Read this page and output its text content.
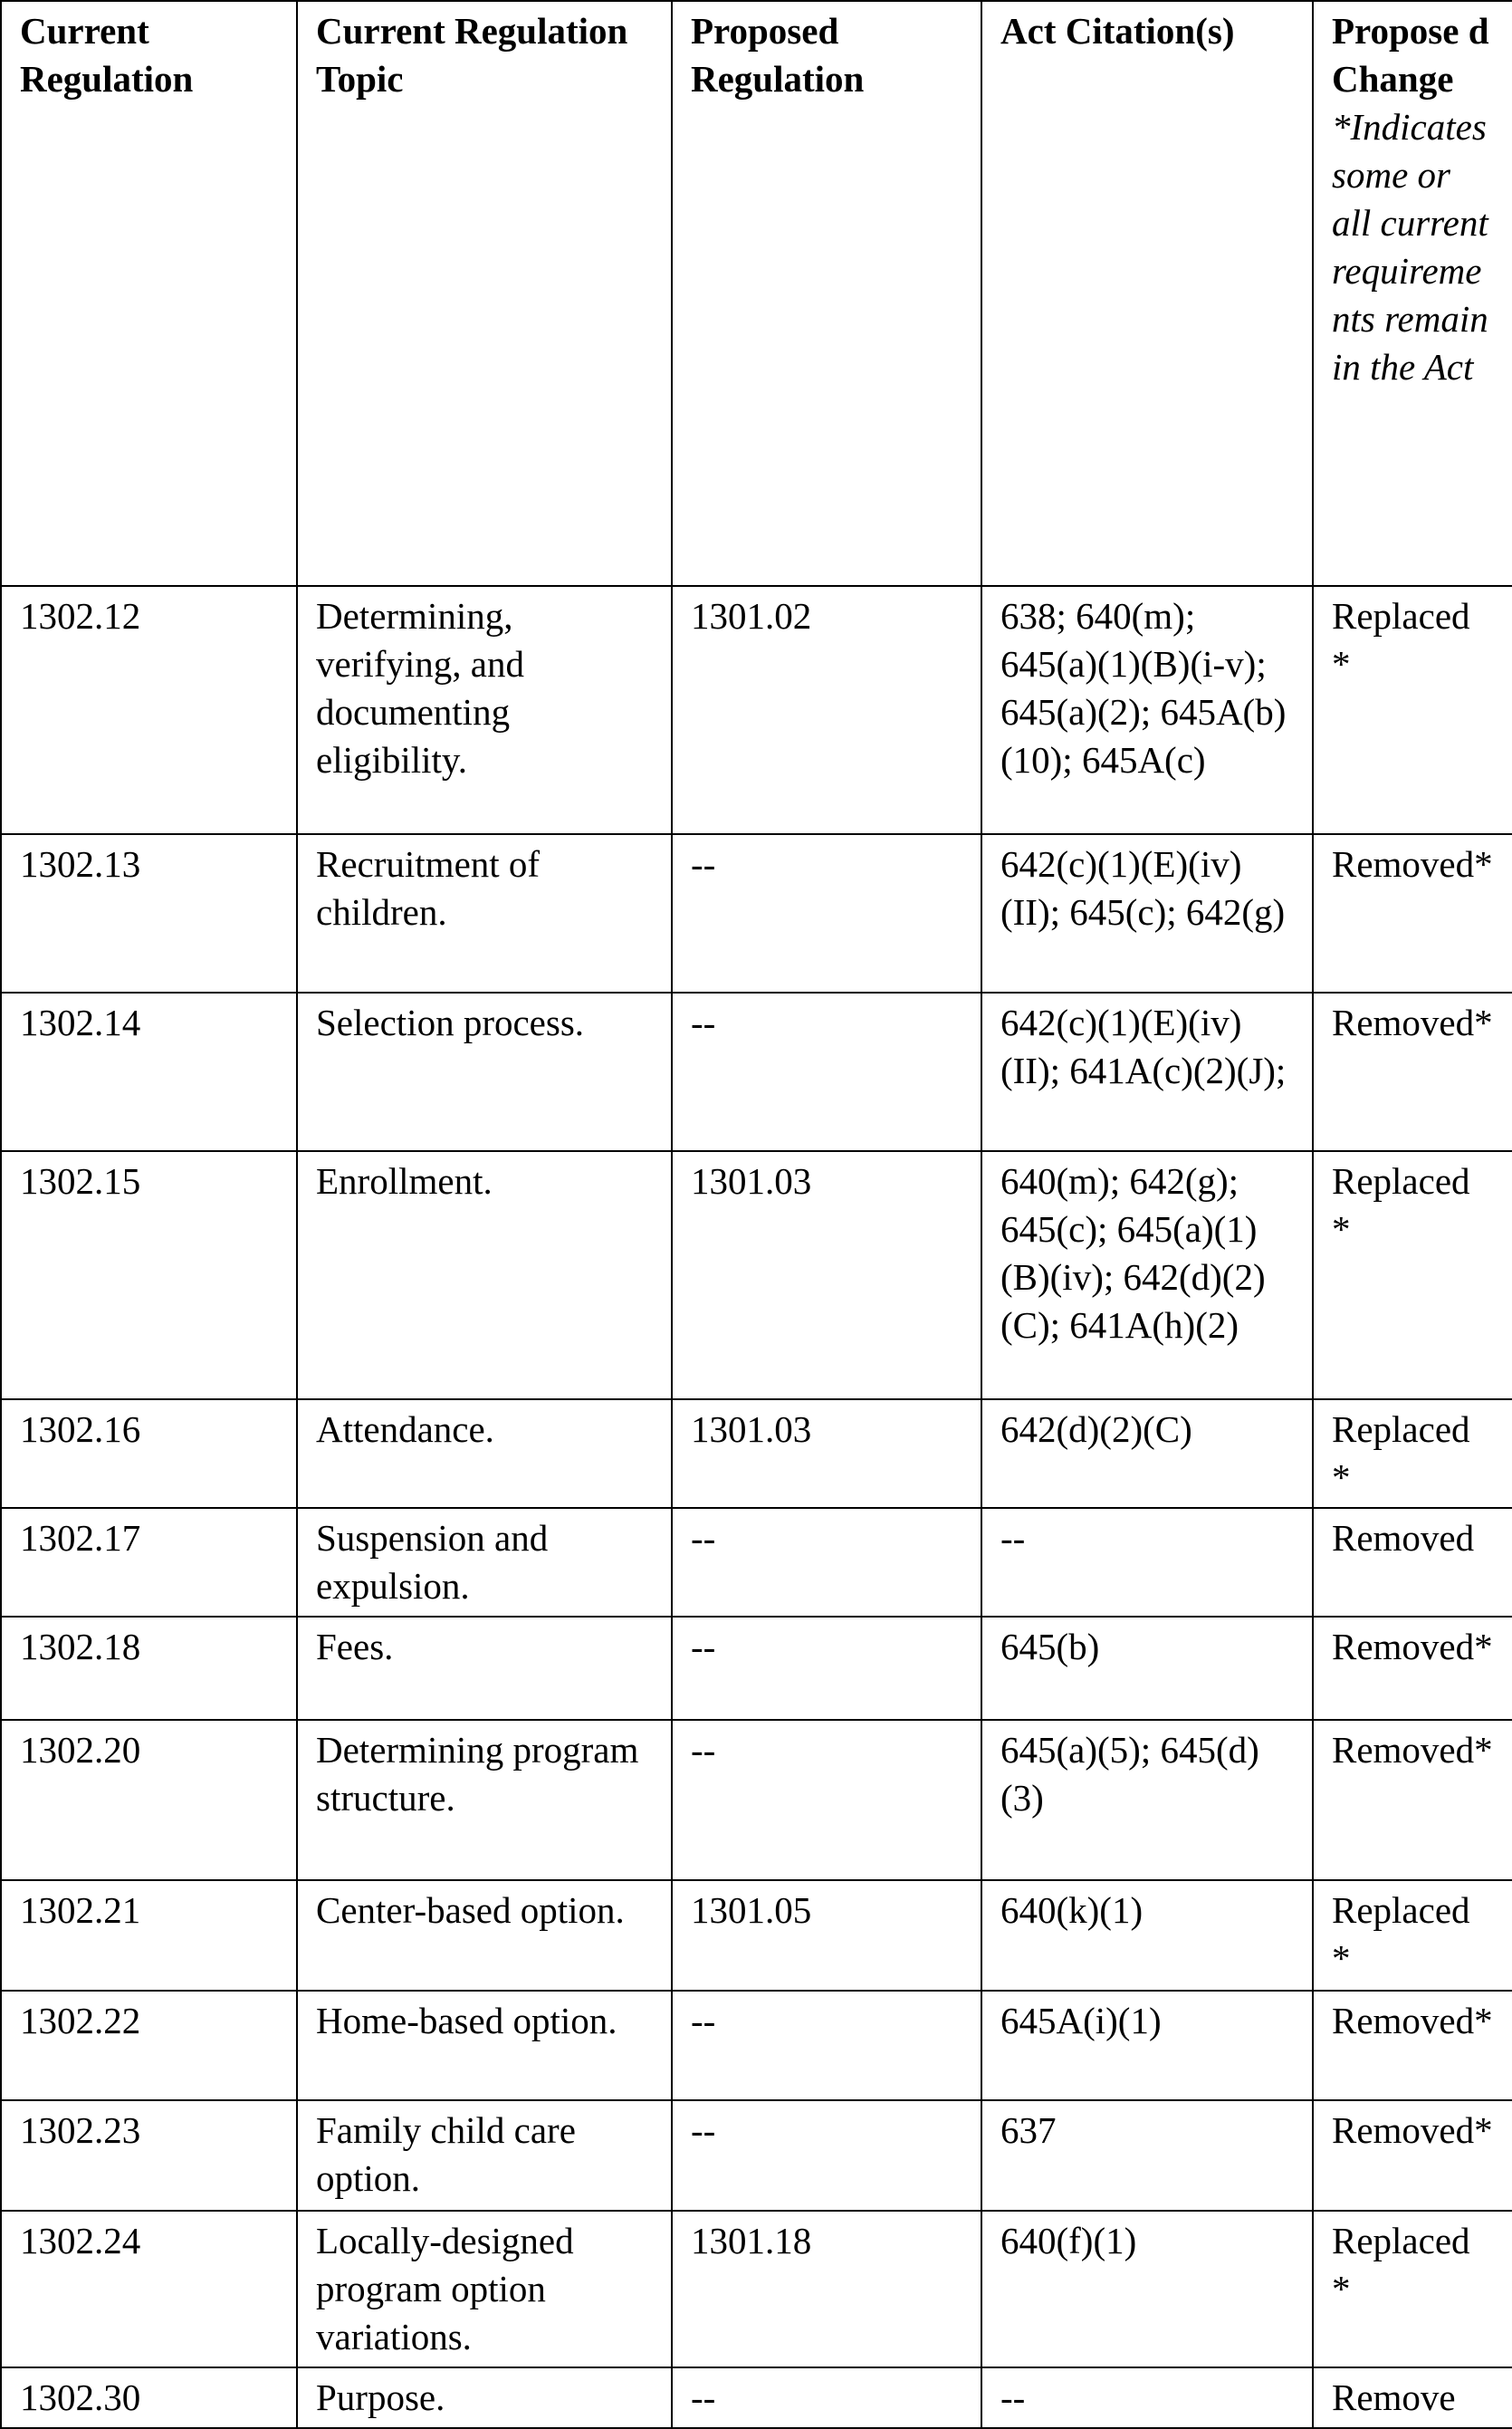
Current Regulation	Current Regulation Topic	Proposed Regulation	Act Citation(s)	Propose d Change
*Indicates some or all current requirements remain in the Act

1302.12	Determining, verifying, and documenting eligibility.	1301.02	638; 640(m); 645(a)(1)(B)(i-v); 645(a)(2); 645A(b)(10); 645A(c)	Replaced *
1302.13	Recruitment of children.	--	642(c)(1)(E)(iv)(II); 645(c); 642(g)	Removed*
1302.14	Selection process.	--	642(c)(1)(E)(iv)(II); 641A(c)(2)(J);	Removed*
1302.15	Enrollment.	1301.03	640(m); 642(g); 645(c); 645(a)(1)(B)(iv); 642(d)(2)(C); 641A(h)(2)	Replaced *
1302.16	Attendance.	1301.03	642(d)(2)(C)	Replaced *
1302.17	Suspension and expulsion.	--	--	Removed
1302.18	Fees.	--	645(b)	Removed*
1302.20	Determining program structure.	--	645(a)(5); 645(d)(3)	Removed*
1302.21	Center-based option.	1301.05	640(k)(1)	Replaced *
1302.22	Home-based option.	--	645A(i)(1)	Removed*
1302.23	Family child care option.	--	637	Removed*
1302.24	Locally-designed program option variations.	1301.18	640(f)(1)	Replaced *
1302.30	Purpose.	--	--	Remove
